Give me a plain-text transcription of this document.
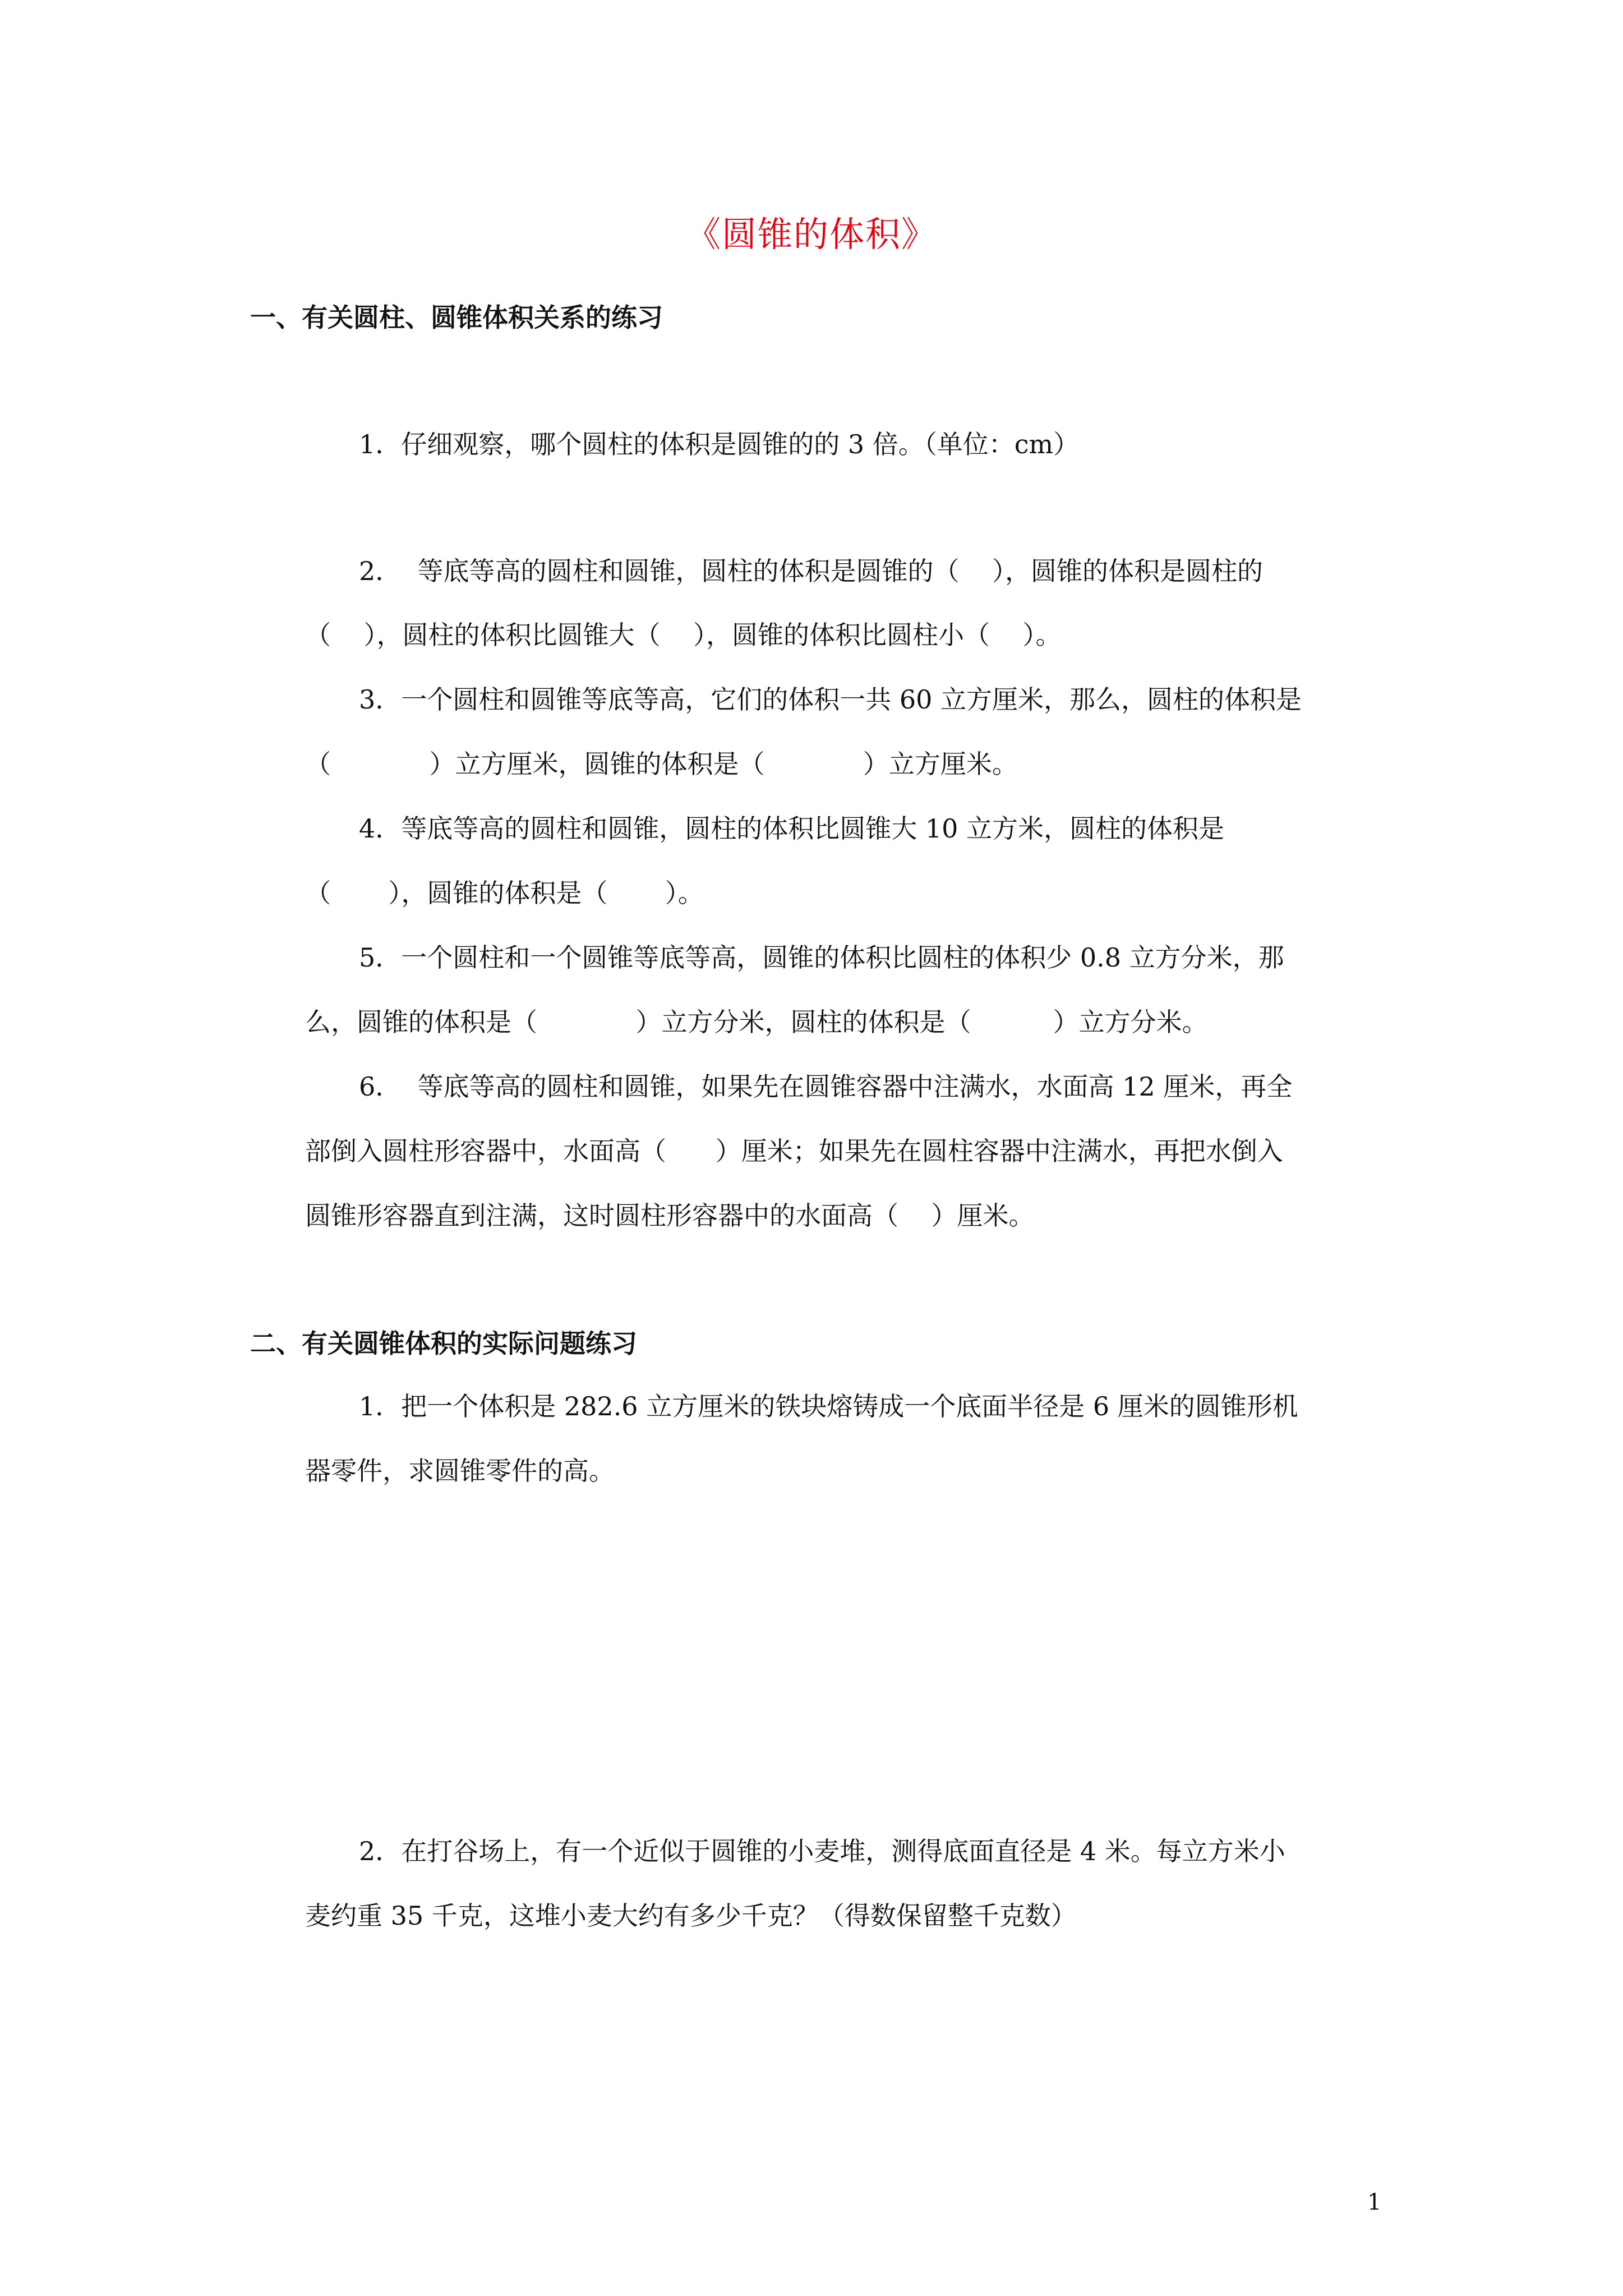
《圆锥的体积》
一、有关圆柱、圆锥体积关系的练习
1．仔细观察，哪个圆柱的体积是圆锥的的 3 倍。（单位：cm）
2．  等底等高的圆柱和圆锥，圆柱的体积是圆锥的（    ），圆锥的体积是圆柱的
（    ），圆柱的体积比圆锥大（    ），圆锥的体积比圆柱小（    ）。
3．一个圆柱和圆锥等底等高，它们的体积一共 60 立方厘米，那么，圆柱的体积是
（            ）立方厘米，圆锥的体积是（            ）立方厘米。
4．等底等高的圆柱和圆锥，圆柱的体积比圆锥大 10 立方米，圆柱的体积是
（       ），圆锥的体积是（       ）。
5．一个圆柱和一个圆锥等底等高，圆锥的体积比圆柱的体积少 0.8 立方分米，那
么，圆锥的体积是（            ）立方分米，圆柱的体积是（          ）立方分米。
6．  等底等高的圆柱和圆锥，如果先在圆锥容器中注满水，水面高 12 厘米，再全
部倒入圆柱形容器中，水面高（      ）厘米；如果先在圆柱容器中注满水，再把水倒入
圆锥形容器直到注满，这时圆柱形容器中的水面高（    ）厘米。
二、有关圆锥体积的实际问题练习
1．把一个体积是 282.6 立方厘米的铁块熔铸成一个底面半径是 6 厘米的圆锥形机
器零件，求圆锥零件的高。
2．在打谷场上，有一个近似于圆锥的小麦堆，测得底面直径是 4 米。每立方米小
麦约重 35 千克，这堆小麦大约有多少千克？（得数保留整千克数）
1
